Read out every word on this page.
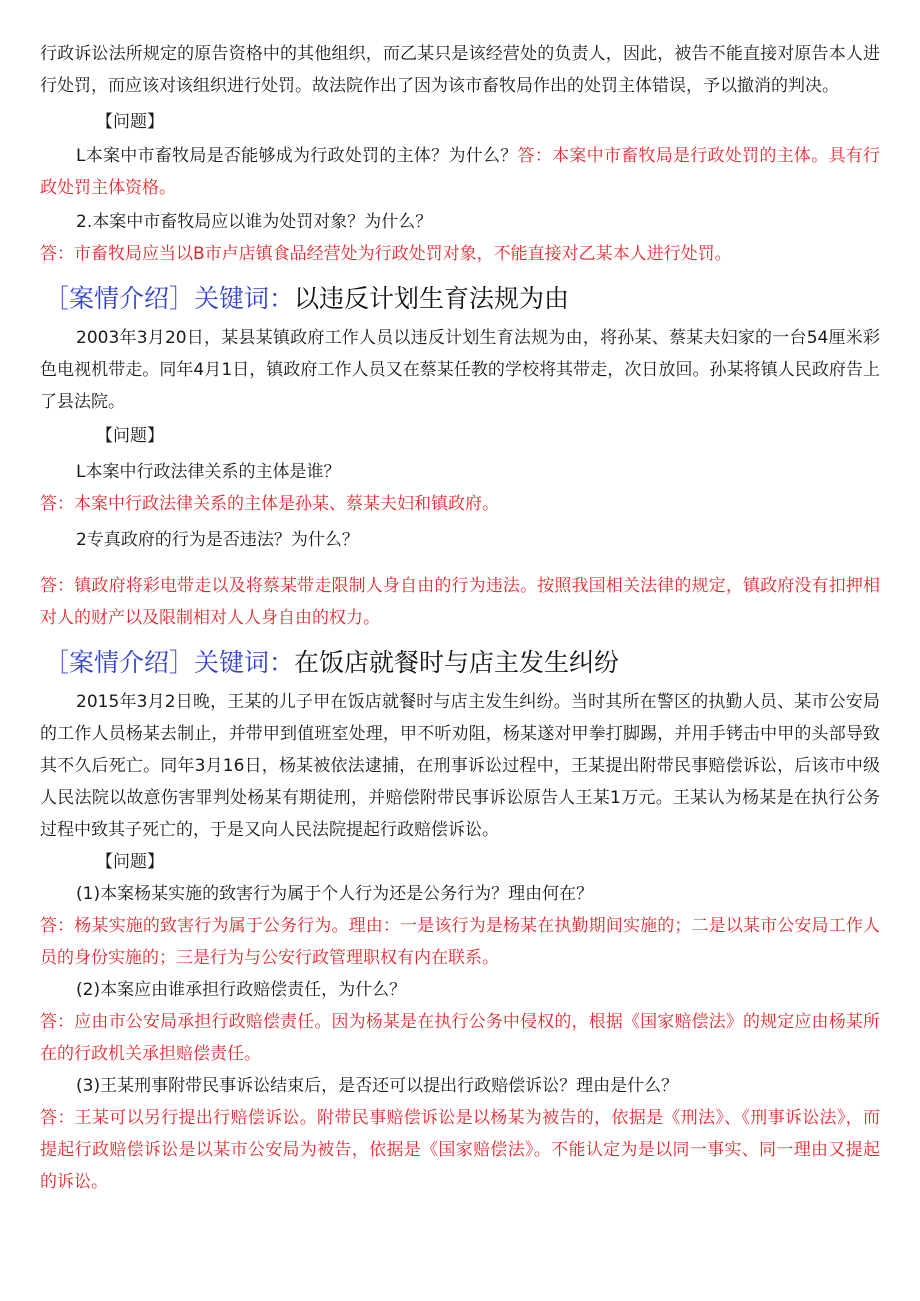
行政诉讼法所规定的原告资格中的其他组织，而乙某只是该经营处的负责人，因此，被告不能直接对原告本人进行处罚，而应该对该组织进行处罚。故法院作出了因为该市畜牧局作出的处罚主体错误，予以撤消的判决。

【问题】

L本案中市畜牧局是否能够成为行政处罚的主体？为什么？答：本案中市畜牧局是行政处罚的主体。具有行政处罚主体资格。

2.本案中市畜牧局应以谁为处罚对象？为什么？

答：市畜牧局应当以B市卢店镇食品经营处为行政处罚对象，不能直接对乙某本人进行处罚。

［案情介绍］关键词：以违反计划生育法规为由

2003年3月20日，某县某镇政府工作人员以违反计划生育法规为由，将孙某、蔡某夫妇家的一台54厘米彩色电视机带走。同年4月1日，镇政府工作人员又在蔡某任教的学校将其带走，次日放回。孙某将镇人民政府告上了县法院。

【问题】

L本案中行政法律关系的主体是谁？

答：本案中行政法律关系的主体是孙某、蔡某夫妇和镇政府。

2专真政府的行为是否违法？为什么？

答：镇政府将彩电带走以及将蔡某带走限制人身自由的行为违法。按照我国相关法律的规定，镇政府没有扣押相对人的财产以及限制相对人人身自由的权力。

［案情介绍］关键词：在饭店就餐时与店主发生纠纷

2015年3月2日晚，王某的儿子甲在饭店就餐时与店主发生纠纷。当时其所在警区的执勤人员、某市公安局的工作人员杨某去制止，并带甲到值班室处理，甲不听劝阻，杨某遂对甲拳打脚踢，并用手铐击中甲的头部导致其不久后死亡。同年3月16日，杨某被依法逮捕，在刑事诉讼过程中，王某提出附带民事赔偿诉讼，后该市中级人民法院以故意伤害罪判处杨某有期徒刑，并赔偿附带民事诉讼原告人王某1万元。王某认为杨某是在执行公务过程中致其子死亡的，于是又向人民法院提起行政赔偿诉讼。

【问题】

(1)本案杨某实施的致害行为属于个人行为还是公务行为？理由何在？

答：杨某实施的致害行为属于公务行为。理由：一是该行为是杨某在执勤期间实施的；二是以某市公安局工作人员的身份实施的；三是行为与公安行政管理职权有内在联系。

(2)本案应由谁承担行政赔偿责任，为什么？

答：应由市公安局承担行政赔偿责任。因为杨某是在执行公务中侵权的，根据《国家赔偿法》的规定应由杨某所在的行政机关承担赔偿责任。

(3)王某刑事附带民事诉讼结束后，是否还可以提出行政赔偿诉讼？理由是什么？

答：王某可以另行提出行赔偿诉讼。附带民事赔偿诉讼是以杨某为被告的，依据是《刑法》、《刑事诉讼法》，而提起行政赔偿诉讼是以某市公安局为被告，依据是《国家赔偿法》。不能认定为是以同一事实、同一理由又提起的诉讼。
